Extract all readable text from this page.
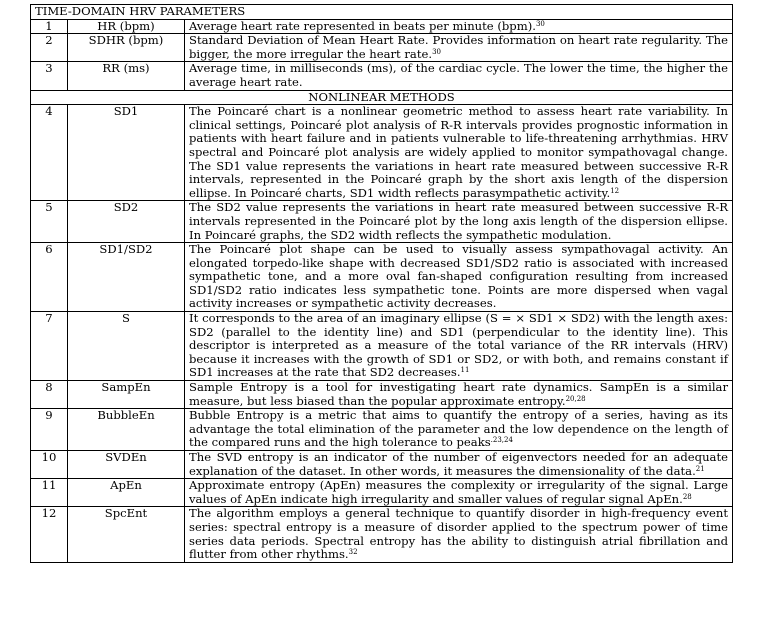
TIME-DOMAIN HRV PARAMETERS		
1	HR (bpm)	Average heart rate represented in beats per minute (bpm).$^{30}$
2	SDHR (bpm)	Standard Deviation of Mean Heart Rate. Provides information on heart rate regularity. The bigger, the more irregular the heart rate.$^{30}$
3	RR (ms)	Average time, in milliseconds (ms), of the cardiac cycle. The lower the time, the higher the average heart rate.
NONLINEAR METHODS		
4	SD1	The Poincaré chart is a nonlinear geometric method to assess heart rate variability. In clinical settings, Poincaré plot analysis of R-R intervals provides prognostic information in patients with heart failure and in patients vulnerable to life-threatening arrhythmias. HRV spectral and Poincaré plot analysis are widely applied to monitor sympathovagal change. The SD1 value represents the variations in heart rate measured between successive R-R intervals, represented in the Poincaré graph by the short axis length of the dispersion ellipse. In Poincaré charts, SD1 width reflects parasympathetic activity.$^{12}$
5	SD2	The SD2 value represents the variations in heart rate measured between successive R-R intervals represented in the Poincaré plot by the long axis length of the dispersion ellipse. In Poincaré graphs, the SD2 width reflects the sympathetic modulation.
6	SD1/SD2	The Poincaré plot shape can be used to visually assess sympathovagal activity. An elongated torpedo-like shape with decreased SD1/SD2 ratio is associated with increased sympathetic tone, and a more oval fan-shaped configuration resulting from increased SD1/SD2 ratio indicates less sympathetic tone. Points are more dispersed when vagal activity increases or sympathetic activity decreases.
7	S	It corresponds to the area of an imaginary ellipse (S = × SD1 × SD2) with the length axes: SD2 (parallel to the identity line) and SD1 (perpendicular to the identity line). This descriptor is interpreted as a measure of the total variance of the RR intervals (HRV) because it increases with the growth of SD1 or SD2, or with both, and remains constant if SD1 increases at the rate that SD2 decreases.$^{11}$
8	SampEn	Sample Entropy is a tool for investigating heart rate dynamics. SampEn is a similar measure, but less biased than the popular approximate entropy.$^{20,28}$
9	BubbleEn	Bubble Entropy is a metric that aims to quantify the entropy of a series, having as its advantage the total elimination of the parameter and the low dependence on the length of the compared runs and the high tolerance to peaks$^{.23,24}$
10	SVDEn	The SVD entropy is an indicator of the number of eigenvectors needed for an adequate explanation of the dataset. In other words, it measures the dimensionality of the data.$^{21}$
11	ApEn	Approximate entropy (ApEn) measures the complexity or irregularity of the signal. Large values of ApEn indicate high irregularity and smaller values of regular signal ApEn.$^{28}$
12	SpcEnt	The algorithm employs a general technique to quantify disorder in high-frequency event series: spectral entropy is a measure of disorder applied to the spectrum power of time series data periods. Spectral entropy has the ability to distinguish atrial fibrillation and flutter from other rhythms.$^{32}$
